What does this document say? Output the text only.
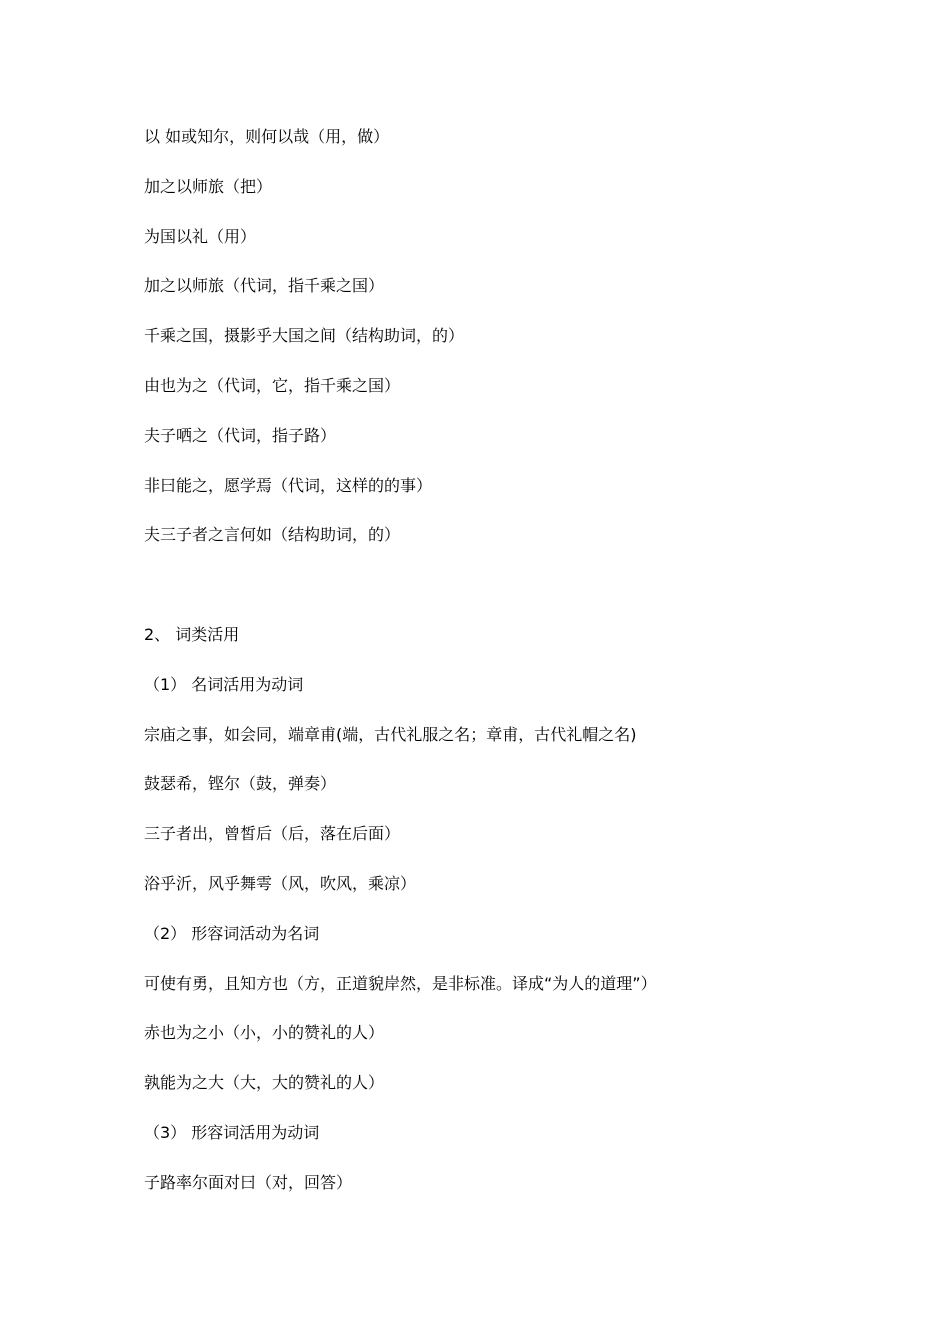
以 如或知尔，则何以哉（用，做）
加之以师旅（把）
为国以礼（用）
加之以师旅（代词，指千乘之国）
千乘之国，摄影乎大国之间（结构助词，的）
由也为之（代词，它，指千乘之国）
夫子哂之（代词，指子路）
非曰能之，愿学焉（代词，这样的的事）
夫三子者之言何如（结构助词，的）
2、 词类活用
（1） 名词活用为动词
宗庙之事，如会同，端章甫(端，古代礼服之名；章甫，古代礼帽之名)
鼓瑟希，铿尔（鼓，弹奏）
三子者出，曾皙后（后，落在后面）
浴乎沂，风乎舞雩（风，吹风，乘凉）
（2） 形容词活动为名词
可使有勇，且知方也（方，正道貌岸然，是非标准。译成“为人的道理”）
赤也为之小（小，小的赞礼的人）
孰能为之大（大，大的赞礼的人）
（3） 形容词活用为动词
子路率尔面对曰（对，回答）
